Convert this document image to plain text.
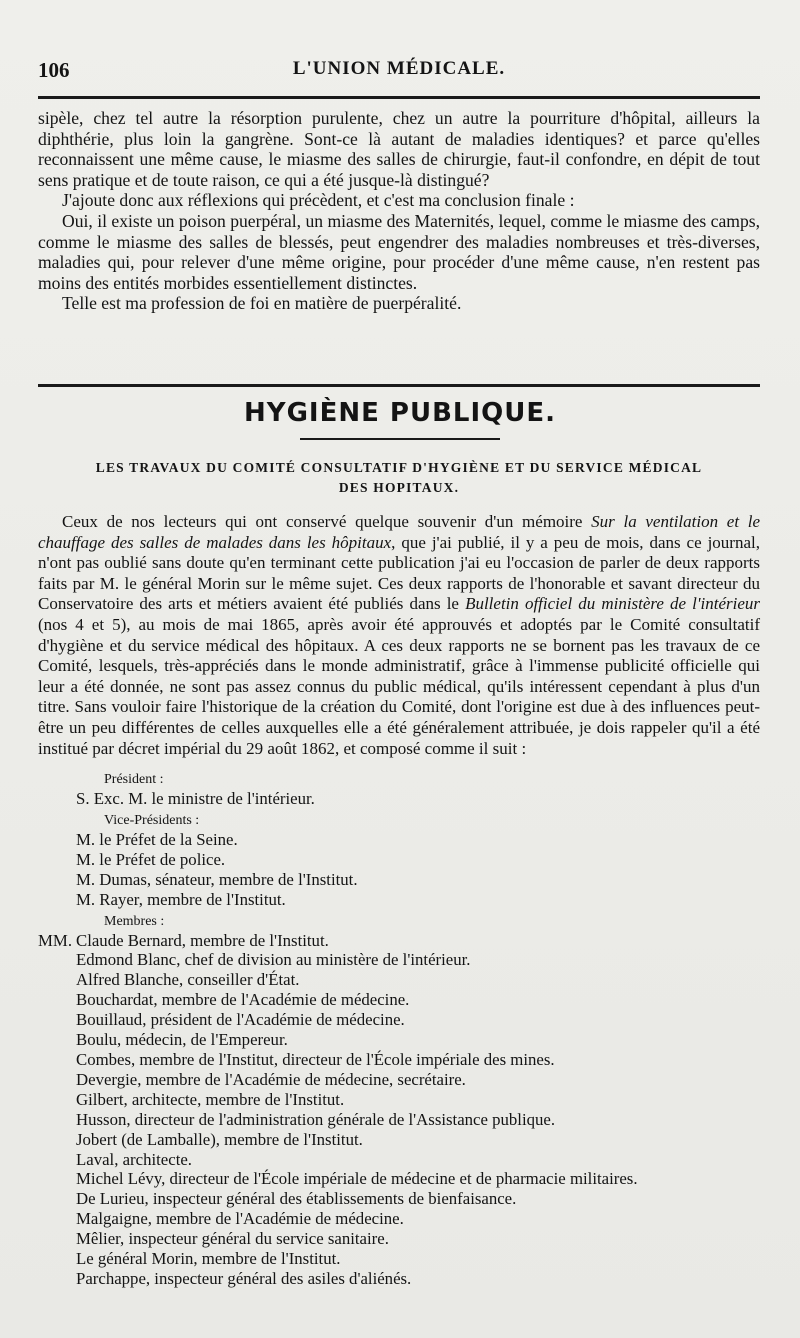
106	L'UNION MÉDICALE.

sipèle, chez tel autre la résorption purulente, chez un autre la pourriture d'hôpital, ailleurs la diphthérie, plus loin la gangrène. Sont-ce là autant de maladies identiques? et parce qu'elles reconnaissent une même cause, le miasme des salles de chirurgie, faut-il confondre, en dépit de tout sens pratique et de toute raison, ce qui a été jusque-là distingué?

J'ajoute donc aux réflexions qui précèdent, et c'est ma conclusion finale :

Oui, il existe un poison puerpéral, un miasme des Maternités, lequel, comme le miasme des camps, comme le miasme des salles de blessés, peut engendrer des maladies nombreuses et très-diverses, maladies qui, pour relever d'une même origine, pour procéder d'une même cause, n'en restent pas moins des entités morbides essentiellement distinctes.

Telle est ma profession de foi en matière de puerpéralité.

HYGIÈNE PUBLIQUE.
LES TRAVAUX DU COMITÉ CONSULTATIF D'HYGIÈNE ET DU SERVICE MÉDICAL
DES HOPITAUX.

Ceux de nos lecteurs qui ont conservé quelque souvenir d'un mémoire Sur la ventilation et le chauffage des salles de malades dans les hôpitaux, que j'ai publié, il y a peu de mois, dans ce journal, n'ont pas oublié sans doute qu'en terminant cette publication j'ai eu l'occasion de parler de deux rapports faits par M. le général Morin sur le même sujet. Ces deux rapports de l'honorable et savant directeur du Conservatoire des arts et métiers avaient été publiés dans le Bulletin officiel du ministère de l'intérieur (nos 4 et 5), au mois de mai 1865, après avoir été approuvés et adoptés par le Comité consultatif d'hygiène et du service médical des hôpitaux. A ces deux rapports ne se bornent pas les travaux de ce Comité, lesquels, très-appréciés dans le monde administratif, grâce à l'immense publicité officielle qui leur a été donnée, ne sont pas assez connus du public médical, qu'ils intéressent cependant à plus d'un titre. Sans vouloir faire l'historique de la création du Comité, dont l'origine est due à des influences peut-être un peu différentes de celles auxquelles elle a été généralement attribuée, je dois rappeler qu'il a été institué par décret impérial du 29 août 1862, et composé comme il suit :

Président :
S. Exc. M. le ministre de l'intérieur.
Vice-Présidents :
M. le Préfet de la Seine.
M. le Préfet de police.
M. Dumas, sénateur, membre de l'Institut.
M. Rayer, membre de l'Institut.
Membres :
MM. Claude Bernard, membre de l'Institut.
Edmond Blanc, chef de division au ministère de l'intérieur.
Alfred Blanche, conseiller d'État.
Bouchardat, membre de l'Académie de médecine.
Bouillaud, président de l'Académie de médecine.
Boulu, médecin, de l'Empereur.
Combes, membre de l'Institut, directeur de l'École impériale des mines.
Devergie, membre de l'Académie de médecine, secrétaire.
Gilbert, architecte, membre de l'Institut.
Husson, directeur de l'administration générale de l'Assistance publique.
Jobert (de Lamballe), membre de l'Institut.
Laval, architecte.
Michel Lévy, directeur de l'École impériale de médecine et de pharmacie militaires.
De Lurieu, inspecteur général des établissements de bienfaisance.
Malgaigne, membre de l'Académie de médecine.
Mêlier, inspecteur général du service sanitaire.
Le général Morin, membre de l'Institut.
Parchappe, inspecteur général des asiles d'aliénés.
